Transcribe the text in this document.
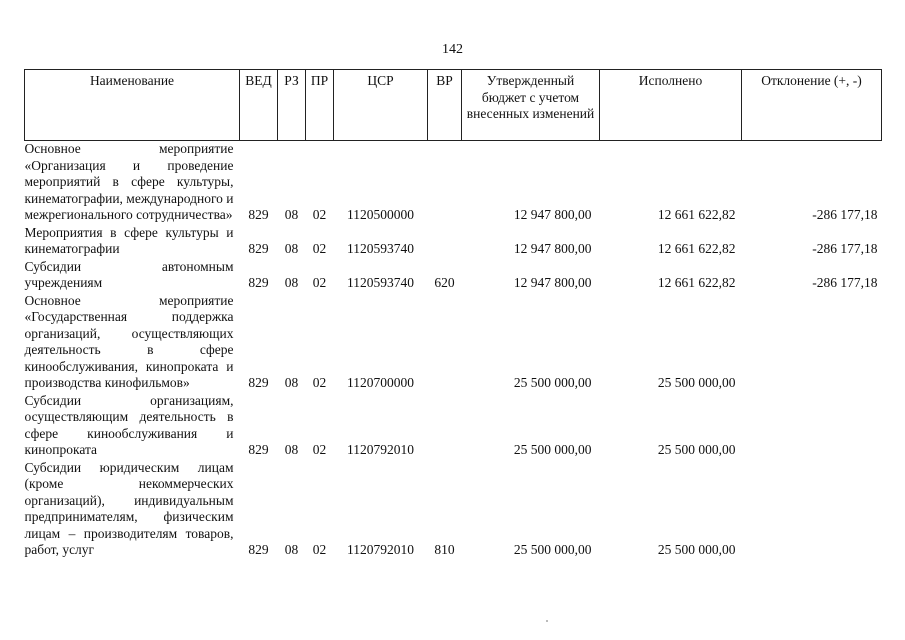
142
Наименование	ВЕД	РЗ	ПР	ЦСР	ВР	Утвержденный бюджет с учетом внесенных изменений	Исполнено	Отклонение (+, -)
Основное мероприятие «Организация и проведение мероприятий в сфере культуры, кинематографии, международного и межрегионального сотрудничества»	829	08	02	1120500000		12 947 800,00	12 661 622,82	-286 177,18
Мероприятия в сфере культуры и кинематографии	829	08	02	1120593740		12 947 800,00	12 661 622,82	-286 177,18
Субсидии автономным учреждениям	829	08	02	1120593740	620	12 947 800,00	12 661 622,82	-286 177,18
Основное мероприятие «Государственная поддержка организаций, осуществляющих деятельность в сфере кинообслуживания, кинопроката и производства кинофильмов»	829	08	02	1120700000		25 500 000,00	25 500 000,00	
Субсидии организациям, осуществляющим деятельность в сфере кинообслуживания и кинопроката	829	08	02	1120792010		25 500 000,00	25 500 000,00	
Субсидии юридическим лицам (кроме некоммерческих организаций), индивидуальным предпринимателям, физическим лицам – производителям товаров, работ, услуг	829	08	02	1120792010	810	25 500 000,00	25 500 000,00	
